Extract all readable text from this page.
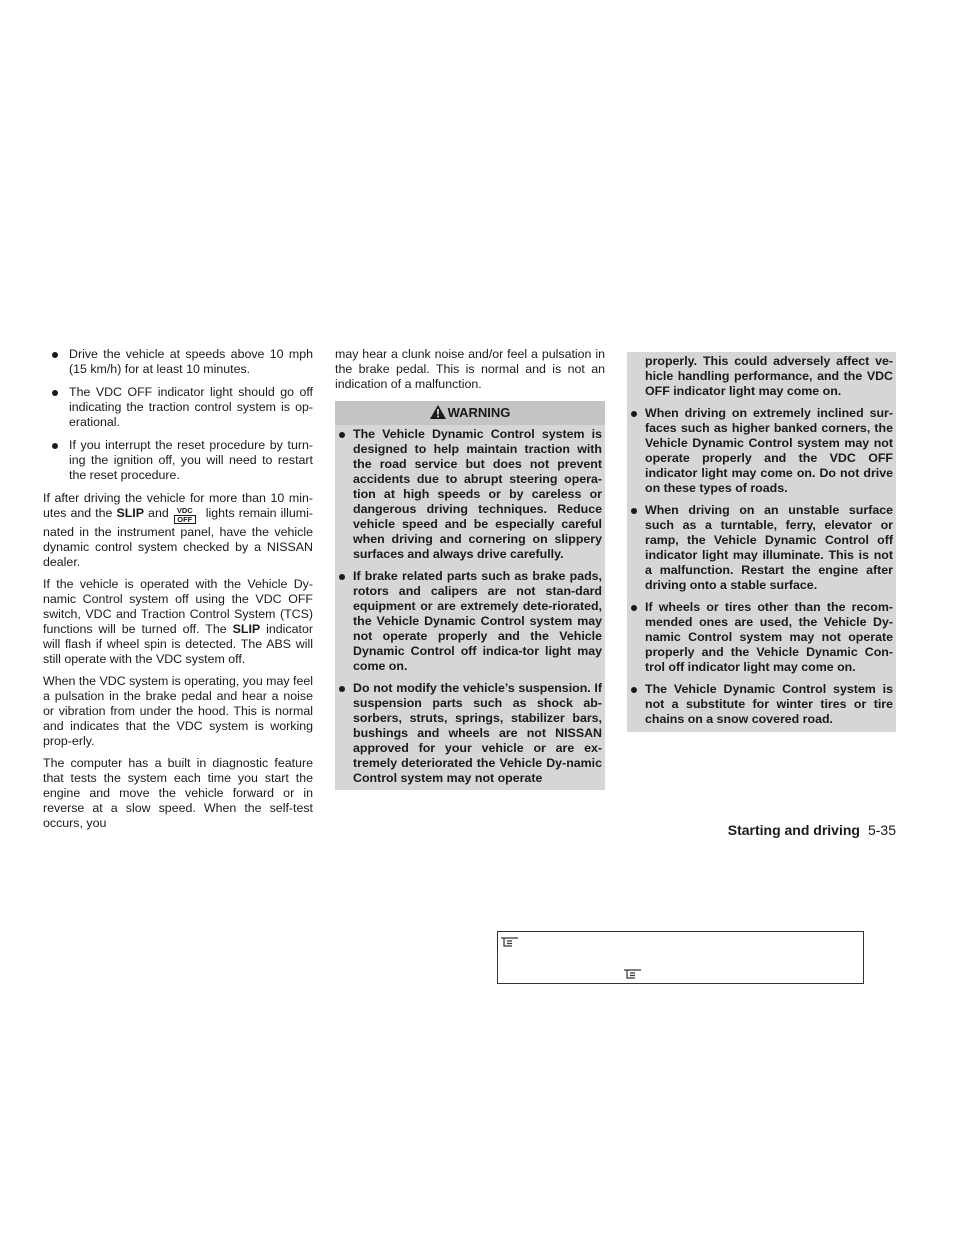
Drive the vehicle at speeds above 10 mph (15 km/h) for at least 10 minutes.
The VDC OFF indicator light should go off indicating the traction control system is op-erational.
If you interrupt the reset procedure by turn-ing the ignition off, you will need to restart the reset procedure.

If after driving the vehicle for more than 10 min-utes and the SLIP and	VDC
OFF lights remain illumi-nated in the instrument panel, have the vehicle dynamic control system checked by a NISSAN dealer.

If the vehicle is operated with the Vehicle Dy-namic Control system off using the VDC OFF switch, VDC and Traction Control System (TCS) functions will be turned off. The SLIP indicator will flash if wheel spin is detected. The ABS will still operate with the VDC system off.

When the VDC system is operating, you may feel a pulsation in the brake pedal and hear a noise or vibration from under the hood. This is normal and indicates that the VDC system is working prop-erly.

The computer has a built in diagnostic feature that tests the system each time you start the engine and move the vehicle forward or in reverse at a slow speed. When the self-test occurs, you

may hear a clunk noise and/or feel a pulsation in the brake pedal. This is normal and is not an indication of a malfunction.

WARNING
The Vehicle Dynamic Control system is designed to help maintain traction with the road service but does not prevent accidents due to abrupt steering opera-tion at high speeds or by careless or dangerous driving techniques. Reduce vehicle speed and be especially careful when driving and cornering on slippery surfaces and always drive carefully.
If brake related parts such as brake pads, rotors and calipers are not stan-dard equipment or are extremely dete-riorated, the Vehicle Dynamic Control system may not operate properly and the Vehicle Dynamic Control off indica-tor light may come on.
Do not modify the vehicle’s suspension. If suspension parts such as shock ab-sorbers, struts, springs, stabilizer bars, bushings and wheels are not NISSAN approved for your vehicle or are ex-tremely deteriorated the Vehicle Dy-namic Control system may not operate
properly. This could adversely affect ve-hicle handling performance, and the VDC OFF indicator light may come on.
When driving on extremely inclined sur-faces such as higher banked corners, the Vehicle Dynamic Control system may not operate properly and the VDC OFF indicator light may come on. Do not drive on these types of roads.
When driving on an unstable surface such as a turntable, ferry, elevator or ramp, the Vehicle Dynamic Control off indicator light may illuminate. This is not a malfunction. Restart the engine after driving onto a stable surface.
If wheels or tires other than the recom-mended ones are used, the Vehicle Dy-namic Control system may not operate properly and the Vehicle Dynamic Con-trol off indicator light may come on.
The Vehicle Dynamic Control system is not a substitute for winter tires or tire chains on a snow covered road.
Starting and driving 5-35
